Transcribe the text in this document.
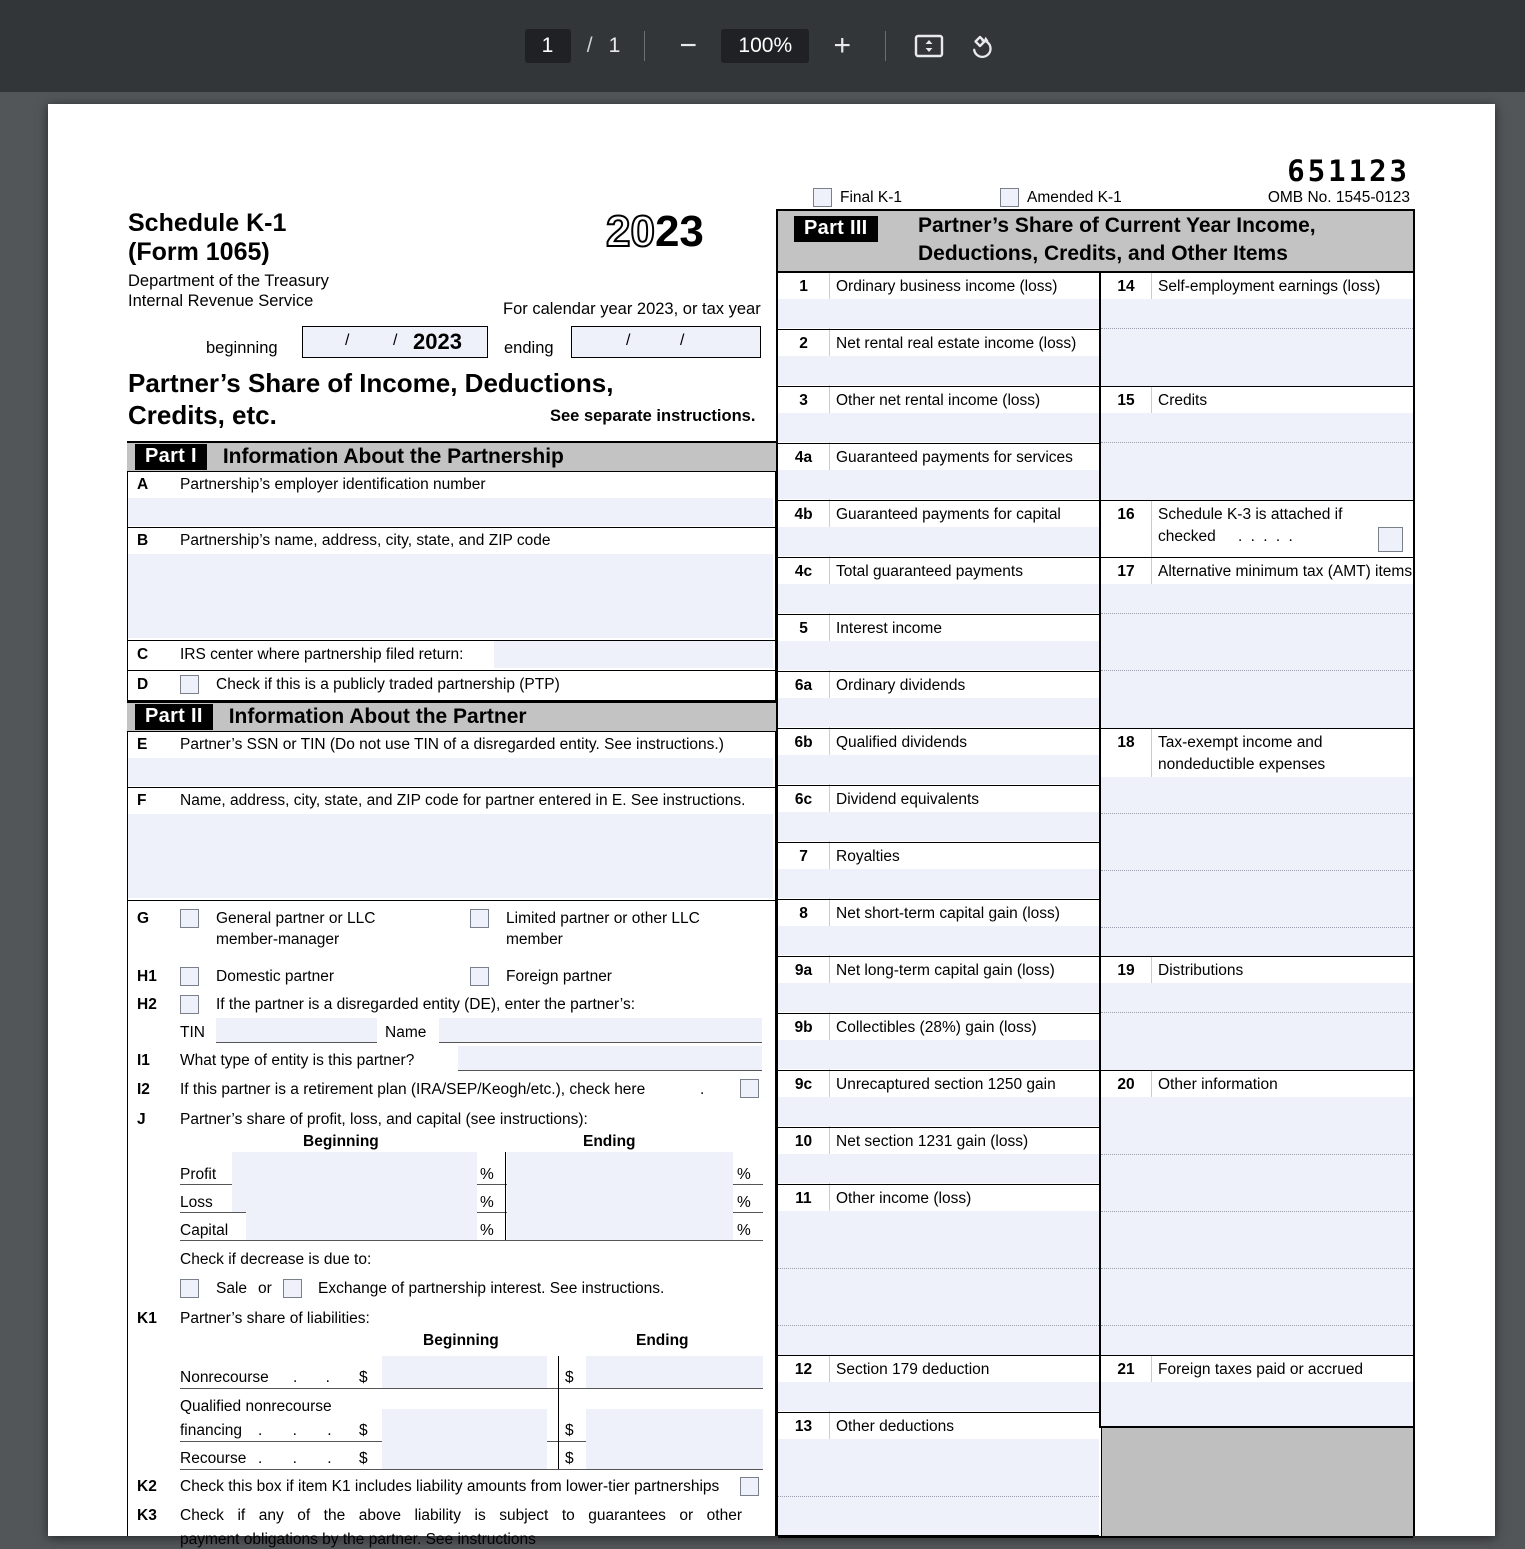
1	/ 1 −	100%	+
651123
Final K-1	Amended K-1	OMB No. 1545-0123
Schedule K-1
(Form 1065)
Department of the Treasury
Internal Revenue Service
2023
For calendar year 2023, or tax year
beginning	/	/ 2023	ending	/	/
Partner’s Share of Income, Deductions,
Credits, etc.	See separate instructions.
Part I	Information About the Partnership
A Partnership’s employer identification number
B Partnership’s name, address, city, state, and ZIP code
C IRS center where partnership filed return:
D	Check if this is a publicly traded partnership (PTP)
Part II	Information About the Partner
E Partner’s SSN or TIN (Do not use TIN of a disregarded entity. See instructions.)
F Name, address, city, state, and ZIP code for partner entered in E. See instructions.
G	General partner or LLC
member-manager
Limited partner or other LLC
member
H1	Domestic partner	Foreign partner
H2	If the partner is a disregarded entity (DE), enter the partner’s:
TIN	Name
I1 What type of entity is this partner?
I2 If this partner is a retirement plan (IRA/SEP/Keogh/etc.), check here	.
J Partner’s share of profit, loss, and capital (see instructions):
Beginning	Ending
Profit	%	%
Loss	%	%
Capital	%	%
Check if decrease is due to:
Sale or	Exchange of partnership interest. See instructions.
K1 Partner’s share of liabilities:
Beginning	Ending
Nonrecourse . . $	$
Qualified nonrecourse
financing . . . $	$
Recourse . . . $	$
K2 Check this box if item K1 includes liability amounts from lower-tier partnerships
K3 Check if any of the above liability is subject to guarantees or other
payment obligations by the partner. See instructions
Part III	Partner’s Share of Current Year Income,
Deductions, Credits, and Other Items
1	Ordinary business income (loss)
2	Net rental real estate income (loss)
3	Other net rental income (loss)
4a	Guaranteed payments for services
4b	Guaranteed payments for capital
4c	Total guaranteed payments
5	Interest income
6a	Ordinary dividends
6b	Qualified dividends
6c	Dividend equivalents
7	Royalties
8	Net short-term capital gain (loss)
9a	Net long-term capital gain (loss)
9b	Collectibles (28%) gain (loss)
9c	Unrecaptured section 1250 gain
10	Net section 1231 gain (loss)
11	Other income (loss)
12	Section 179 deduction
13	Other deductions
14	Self-employment earnings (loss)
15	Credits
16	Schedule K-3 is attached if
checked . . . . .
17	Alternative minimum tax (AMT) items
18	Tax-exempt income and
nondeductible expenses
19	Distributions
20	Other information
21	Foreign taxes paid or accrued
